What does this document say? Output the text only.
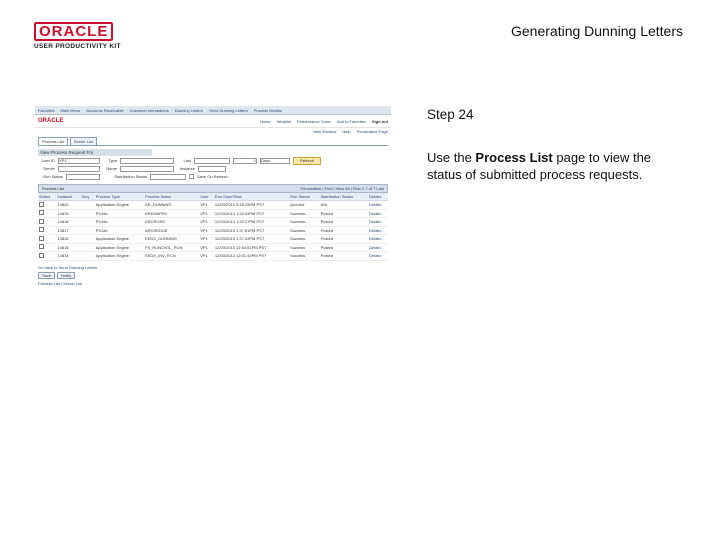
ORACLE
USER PRODUCTIVITY KIT
Generating Dunning Letters
Favorites Main Menu Accounts Receivable Customer Interactions Dunning Letters Send Dunning Letters Process Monitor
ORACLE	Home Worklist Performance Trace Add to Favorites Sign out
New Window Help Personalize Page
Process List	Server List
View Process Request For
User ID VP1	Type	Last	1 Days	Refresh
Server	Name	Instance
Run Status	Distribution Status	Save On Refresh
Process List	Personalize | Find | View All | First 1-7 of 7 Last
Select	Instance	Seq.	Process Type	Process Name	User	Run Date/Time	Run Status	Distribution Status	Details
	14820		Application Engine	AR_DUNNING	VP1	12/03/2013 3:45:15PM PST	Queued	N/A	Details
	14819		PSJob	ARDUNPR1	VP1	12/03/2013 1:52:43PM PST	Success	Posted	Details
	14818		PSJob	ARCROSS	VP1	12/03/2013 1:52:27PM PST	Success	Posted	Details
	14817		PSJob	ARCREDUE	VP1	12/03/2013 1:37:51PM PST	Success	Posted	Details
	14816		Application Engine	EEDS_DUNNING	VP1	12/03/2013 1:37:33PM PST	Success	Posted	Details
	14815		Application Engine	FS_RUNCNTL_RCN	VP1	12/03/2013 12:53:51PM PST	Success	Posted	Details
	14814		Application Engine	EEDS_INV_RCN	VP1	12/03/2013 12:01:43PM PST	Success	Posted	Details
Go back to Send Dunning Letters
Save	Notify
Process List | Server List
Step 24
Use the Process List page to view the status of submitted process requests.
